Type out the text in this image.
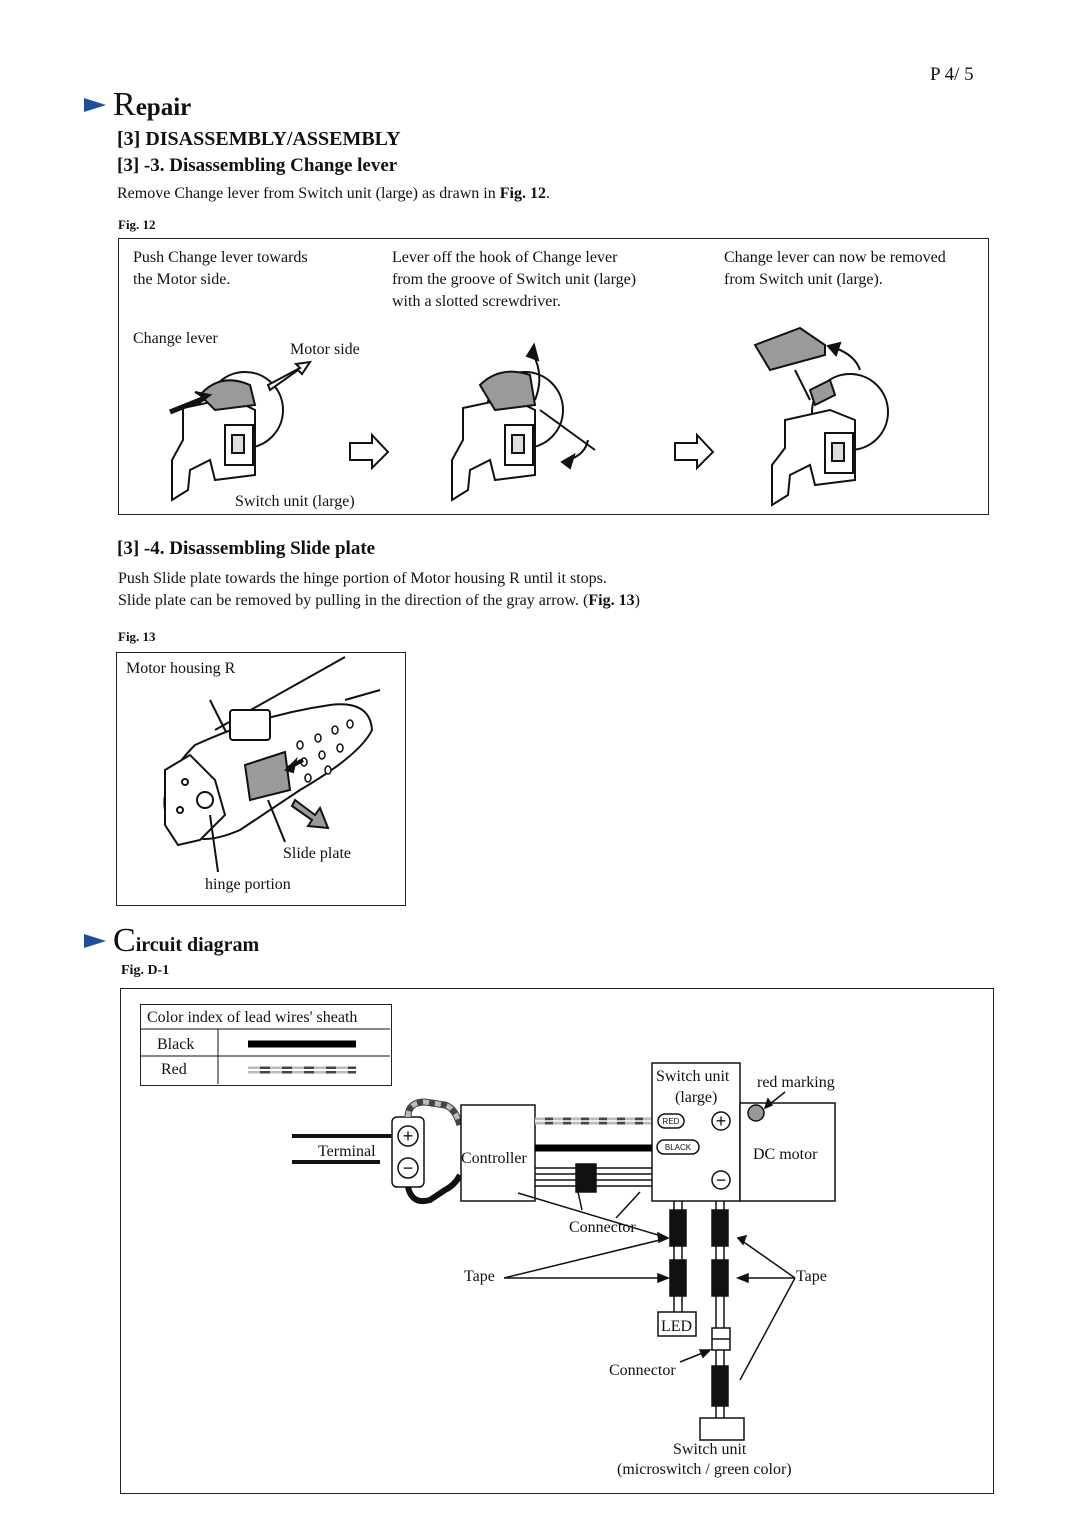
P 4/ 5
Repair
[3] DISASSEMBLY/ASSEMBLY
[3] -3. Disassembling Change lever
Remove Change lever from Switch unit (large) as drawn in Fig. 12.
Fig. 12
Push Change lever towards
the Motor side.
Lever off the hook of Change lever
from the groove of Switch unit (large)
with a slotted screwdriver.
Change lever can now be removed
from Switch unit (large).
Change lever
Motor side
Switch unit (large)
[3] -4. Disassembling Slide plate
Push Slide plate towards the hinge portion of Motor housing R until it stops.
Slide plate can be removed by pulling in the direction of the gray arrow. (Fig. 13)
Fig. 13
Motor housing R
Slide plate
hinge portion
Circuit diagram
Fig. D-1
Color index of lead wires' sheath
Black
Red
RED
BLACK
+
−
+
−
Switch unit
(large)
red marking
Terminal	Controller	DC motor
Connector
Tape	Tape
LED
Connector
Switch unit
(microswitch / green color)
